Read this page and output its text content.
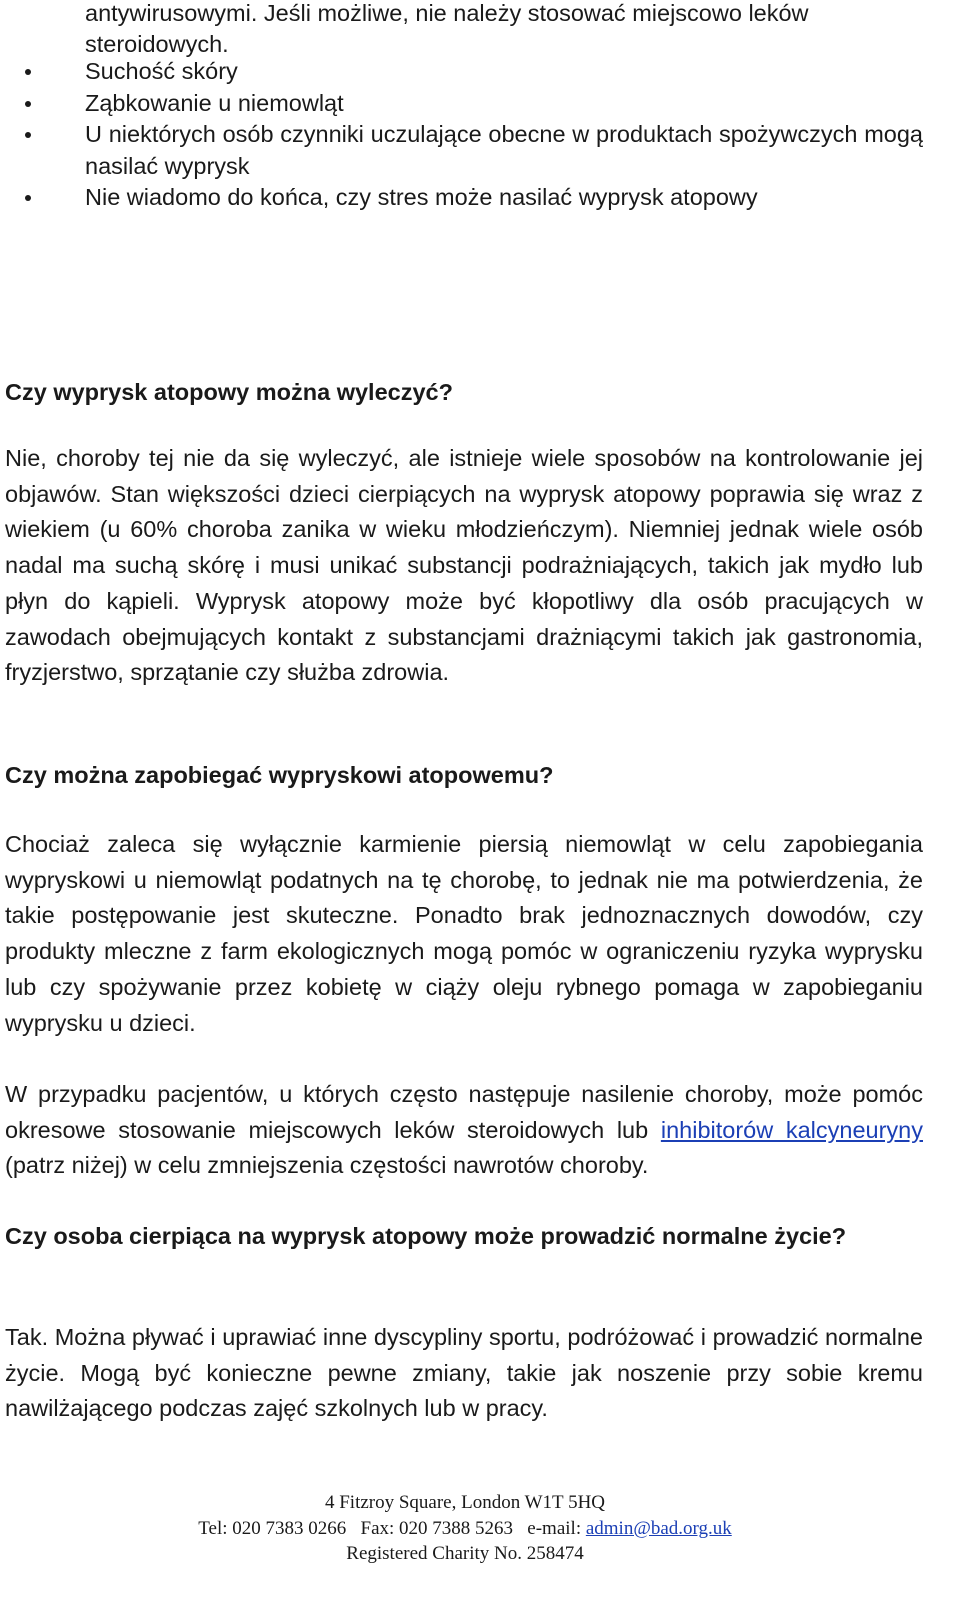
antywirusowymi. Jeśli możliwe, nie należy stosować miejscowo leków
steroidowych.
Suchość skóry
Ząbkowanie u niemowląt
U niektórych osób czynniki uczulające obecne w produktach spożywczych mogą nasilać wyprysk
Nie wiadomo do końca, czy stres może nasilać wyprysk atopowy
Czy wyprysk atopowy można wyleczyć?

Nie, choroby tej nie da się wyleczyć, ale istnieje wiele sposobów na kontrolowanie jej objawów. Stan większości dzieci cierpiących na wyprysk atopowy poprawia się wraz z wiekiem (u 60% choroba zanika w wieku młodzieńczym). Niemniej jednak wiele osób nadal ma suchą skórę i musi unikać substancji podrażniających, takich jak mydło lub płyn do kąpieli. Wyprysk atopowy może być kłopotliwy dla osób pracujących w zawodach obejmujących kontakt z substancjami drażniącymi takich jak gastronomia, fryzjerstwo, sprzątanie czy służba zdrowia.

Czy można zapobiegać wypryskowi atopowemu?

Chociaż zaleca się wyłącznie karmienie piersią niemowląt w celu zapobiegania wypryskowi u niemowląt podatnych na tę chorobę, to jednak nie ma potwierdzenia, że takie postępowanie jest skuteczne. Ponadto brak jednoznacznych dowodów, czy produkty mleczne z farm ekologicznych mogą pomóc w ograniczeniu ryzyka wyprysku lub czy spożywanie przez kobietę w ciąży oleju rybnego pomaga w zapobieganiu wyprysku u dzieci.

W przypadku pacjentów, u których często następuje nasilenie choroby, może pomóc okresowe stosowanie miejscowych leków steroidowych lub inhibitorów kalcyneuryny (patrz niżej) w celu zmniejszenia częstości nawrotów choroby.

Czy osoba cierpiąca na wyprysk atopowy może prowadzić normalne życie?

Tak. Można pływać i uprawiać inne dyscypliny sportu, podróżować i prowadzić normalne życie. Mogą być konieczne pewne zmiany, takie jak noszenie przy sobie kremu nawilżającego podczas zajęć szkolnych lub w pracy.

4 Fitzroy Square, London W1T 5HQ
Tel: 020 7383 0266   Fax: 020 7388 5263   e-mail: admin@bad.org.uk
Registered Charity No. 258474
